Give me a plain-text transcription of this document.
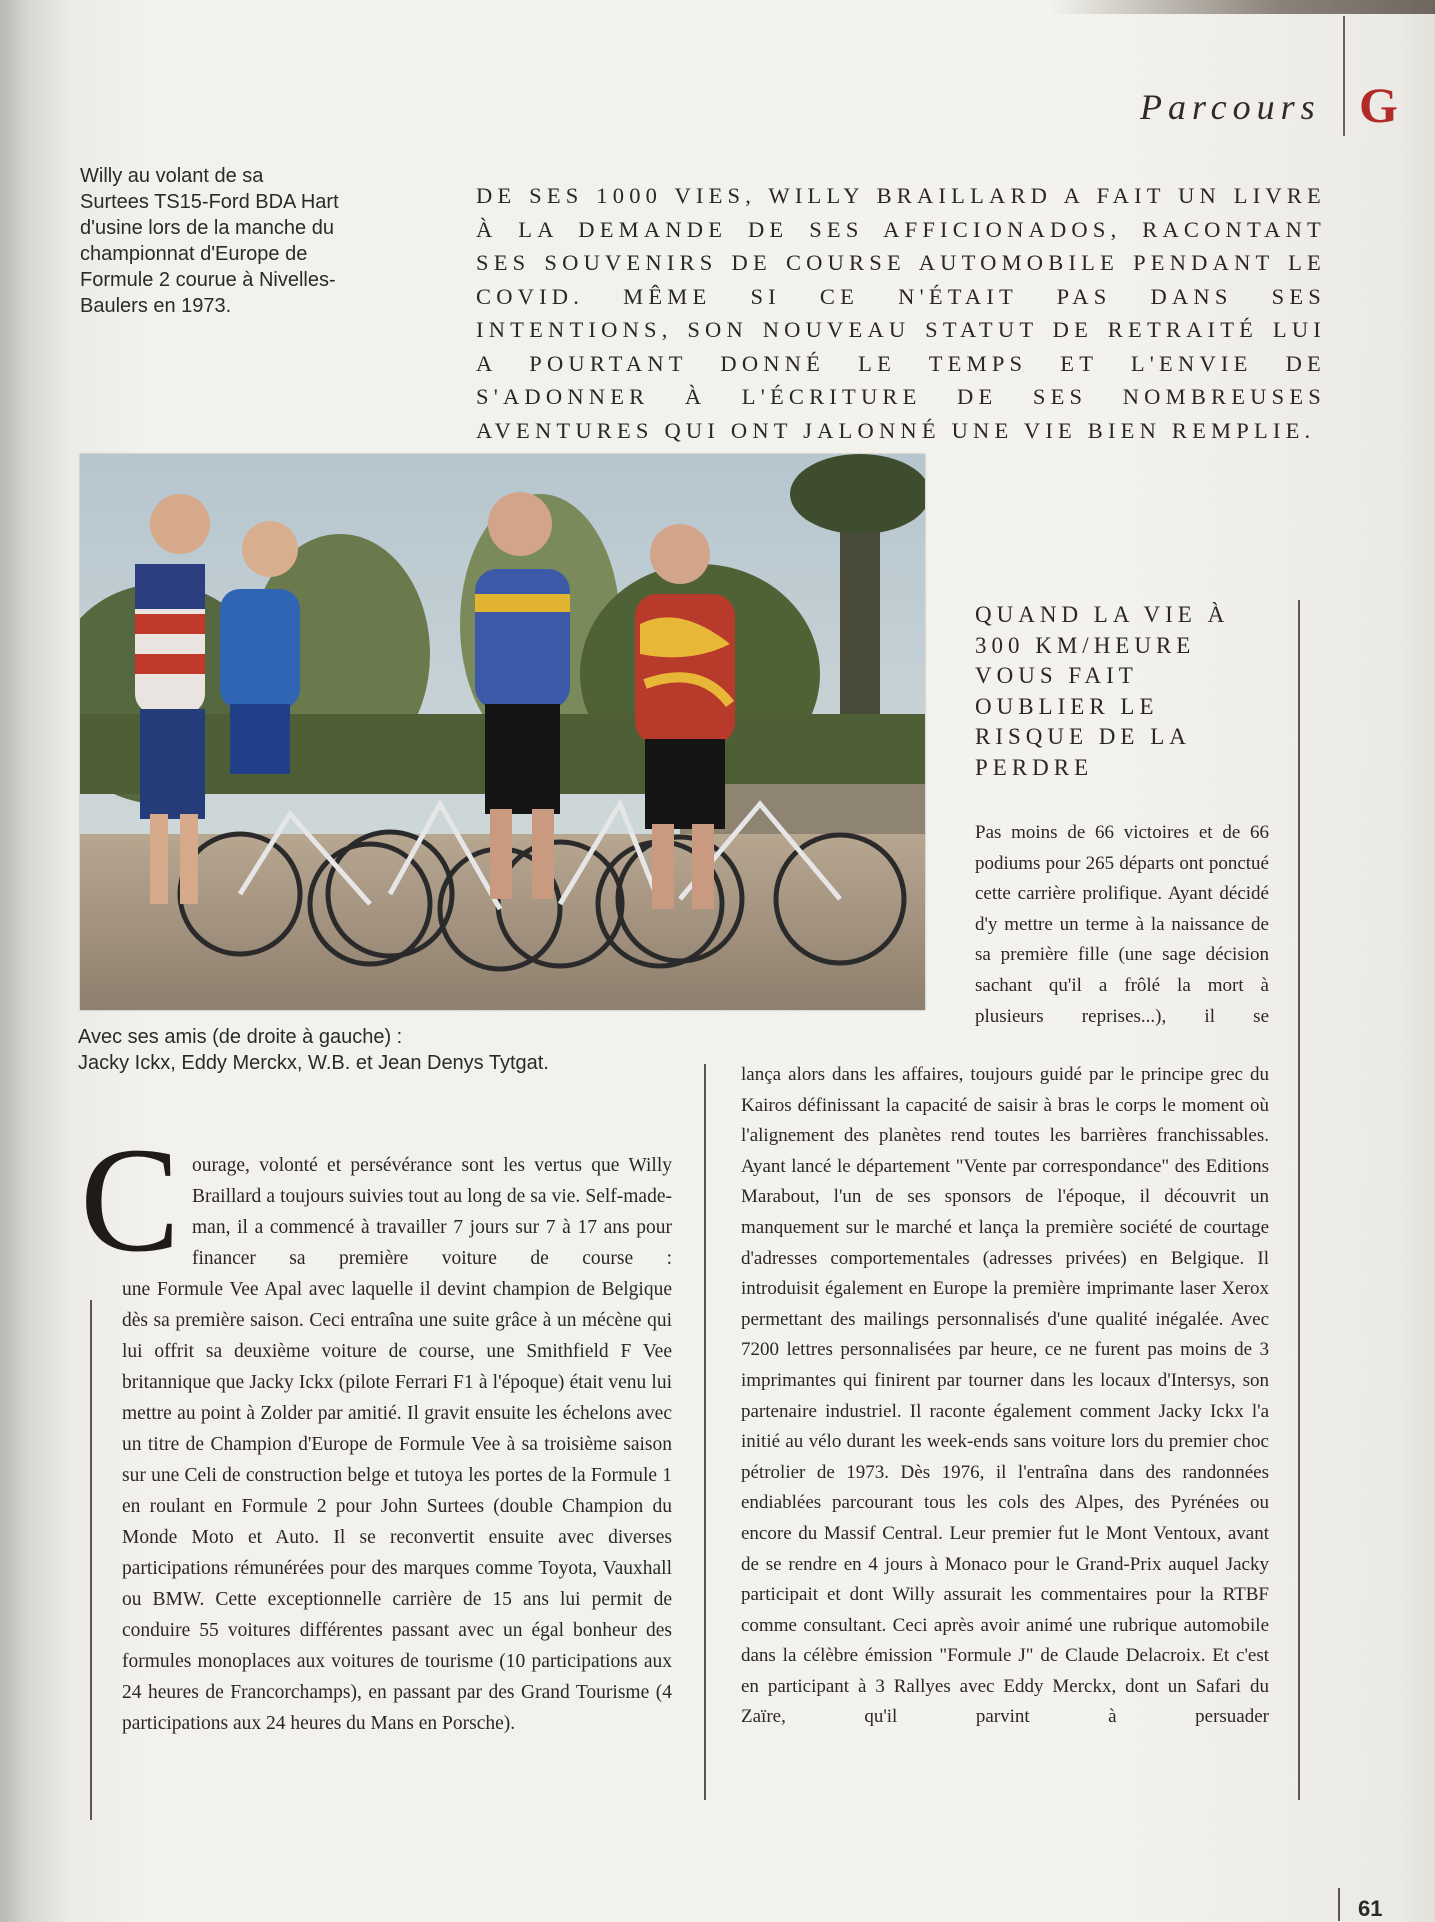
Parcours G
Willy au volant de sa
Surtees TS15-Ford BDA Hart
d'usine lors de la manche du
championnat d'Europe de
Formule 2 courue à Nivelles-
Baulers en 1973.
DE SES 1000 VIES, WILLY BRAILLARD A FAIT UN LIVRE À LA DEMANDE DE SES AFFICIONADOS, RACONTANT SES SOUVENIRS DE COURSE AUTOMOBILE PENDANT LE COVID. MÊME SI CE N'ÉTAIT PAS DANS SES INTENTIONS, SON NOUVEAU STATUT DE RETRAITÉ LUI A POURTANT DONNÉ LE TEMPS ET L'ENVIE DE S'ADONNER À L'ÉCRITURE DE SES NOMBREUSES AVENTURES QUI ONT JALONNÉ UNE VIE BIEN REMPLIE.
Avec ses amis (de droite à gauche) :
Jacky Ickx, Eddy Merckx, W.B. et Jean Denys Tytgat.
QUAND LA VIE À
300 KM/HEURE
VOUS FAIT
OUBLIER LE
RISQUE DE LA
PERDRE
Pas moins de 66 victoires et de 66 podiums pour 265 départs ont ponctué cette carrière prolifique. Ayant décidé d'y mettre un terme à la naissance de sa première fille (une sage décision sachant qu'il a frôlé la mort à plusieurs reprises...), il se
lança alors dans les affaires, toujours guidé par le principe grec du Kairos définissant la capacité de saisir à bras le corps le moment où l'alignement des planètes rend toutes les barrières franchissables. Ayant lancé le département "Vente par correspondance" des Editions Marabout, l'un de ses sponsors de l'époque, il découvrit un manquement sur le marché et lança la première société de courtage d'adresses comportementales (adresses privées) en Belgique. Il introduisit également en Europe la première imprimante laser Xerox permettant des mailings personnalisés d'une qualité inégalée. Avec 7200 lettres personnalisées par heure, ce ne furent pas moins de 3 imprimantes qui finirent par tourner dans les locaux d'Intersys, son partenaire industriel. Il raconte également comment Jacky Ickx l'a initié au vélo durant les week-ends sans voiture lors du premier choc pétrolier de 1973. Dès 1976, il l'entraîna dans des randonnées endiablées parcourant tous les cols des Alpes, des Pyrénées ou encore du Massif Central. Leur premier fut le Mont Ventoux, avant de se rendre en 4 jours à Monaco pour le Grand-Prix auquel Jacky participait et dont Willy assurait les commentaires pour la RTBF comme consultant. Ceci après avoir animé une rubrique automobile dans la célèbre émission "Formule J" de Claude Delacroix. Et c'est en participant à 3 Rallyes avec Eddy Merckx, dont un Safari du Zaïre, qu'il parvint à persuader
C ourage, volonté et persévérance sont les vertus que Willy Braillard a toujours suivies tout au long de sa vie. Self-made-man, il a commencé à travailler 7 jours sur 7 à 17 ans pour financer sa première voiture de course :
une Formule Vee Apal avec laquelle il devint champion de Belgique dès sa première saison. Ceci entraîna une suite grâce à un mécène qui lui offrit sa deuxième voiture de course, une Smithfield F Vee britannique que Jacky Ickx (pilote Ferrari F1 à l'époque) était venu lui mettre au point à Zolder par amitié. Il gravit ensuite les échelons avec un titre de Champion d'Europe de Formule Vee à sa troisième saison sur une Celi de construction belge et tutoya les portes de la Formule 1 en roulant en Formule 2 pour John Surtees (double Champion du Monde Moto et Auto. Il se reconvertit ensuite avec diverses participations rémunérées pour des marques comme Toyota, Vauxhall ou BMW. Cette exceptionnelle carrière de 15 ans lui permit de conduire 55 voitures différentes passant avec un égal bonheur des formules monoplaces aux voitures de tourisme (10 participations aux 24 heures de Francorchamps), en passant par des Grand Tourisme (4 participations aux 24 heures du Mans en Porsche).
61
